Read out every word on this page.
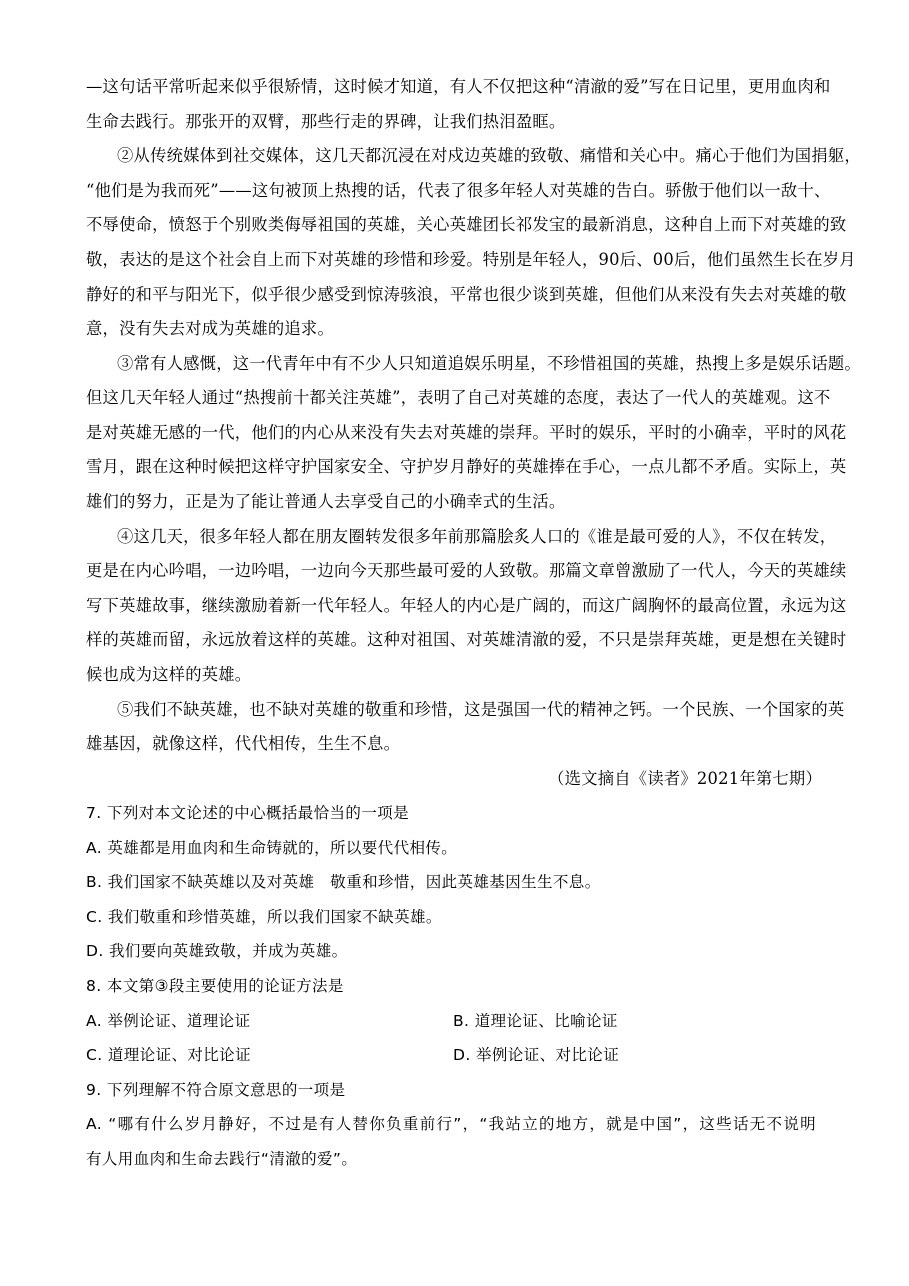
—这句话平常听起来似乎很矫情，这时候才知道，有人不仅把这种“清澈的爱”写在日记里，更用血肉和
生命去践行。那张开的双臂，那些行走的界碑，让我们热泪盈眶。
②从传统媒体到社交媒体，这几天都沉浸在对戍边英雄的致敬、痛惜和关心中。痛心于他们为国捐躯，
“他们是为我而死”——这句被顶上热搜的话，代表了很多年轻人对英雄的告白。骄傲于他们以一敌十、
不辱使命，愤怒于个别败类侮辱祖国的英雄，关心英雄团长祁发宝的最新消息，这种自上而下对英雄的致
敬，表达的是这个社会自上而下对英雄的珍惜和珍爱。特别是年轻人，90后、00后，他们虽然生长在岁月
静好的和平与阳光下，似乎很少感受到惊涛骇浪，平常也很少谈到英雄，但他们从来没有失去对英雄的敬
意，没有失去对成为英雄的追求。
③常有人感慨，这一代青年中有不少人只知道追娱乐明星，不珍惜祖国的英雄，热搜上多是娱乐话题。
但这几天年轻人通过“热搜前十都关注英雄”，表明了自己对英雄的态度，表达了一代人的英雄观。这不
是对英雄无感的一代，他们的内心从来没有失去对英雄的崇拜。平时的娱乐，平时的小确幸，平时的风花
雪月，跟在这种时候把这样守护国家安全、守护岁月静好的英雄捧在手心，一点儿都不矛盾。实际上，英
雄们的努力，正是为了能让普通人去享受自己的小确幸式的生活。
④这几天，很多年轻人都在朋友圈转发很多年前那篇脍炙人口的《谁是最可爱的人》，不仅在转发，
更是在内心吟唱，一边吟唱，一边向今天那些最可爱的人致敬。那篇文章曾激励了一代人，今天的英雄续
写下英雄故事，继续激励着新一代年轻人。年轻人的内心是广阔的，而这广阔胸怀的最高位置，永远为这
样的英雄而留，永远放着这样的英雄。这种对祖国、对英雄清澈的爱，不只是崇拜英雄，更是想在关键时
候也成为这样的英雄。
⑤我们不缺英雄，也不缺对英雄的敬重和珍惜，这是强国一代的精神之钙。一个民族、一个国家的英
雄基因，就像这样，代代相传，生生不息。
（选文摘自《读者》2021年第七期）
7. 下列对本文论述的中心概括最恰当的一项是
A. 英雄都是用血肉和生命铸就的，所以要代代相传。
B. 我们国家不缺英雄以及对英雄　敬重和珍惜，因此英雄基因生生不息。
C. 我们敬重和珍惜英雄，所以我们国家不缺英雄。
D. 我们要向英雄致敬，并成为英雄。
8. 本文第③段主要使用的论证方法是
A. 举例论证、道理论证	B. 道理论证、比喻论证
C. 道理论证、对比论证	D. 举例论证、对比论证
9. 下列理解不符合原文意思的一项是
A. “哪有什么岁月静好，不过是有人替你负重前行”，“我站立的地方，就是中国”，这些话无不说明
有人用血肉和生命去践行“清澈的爱”。
